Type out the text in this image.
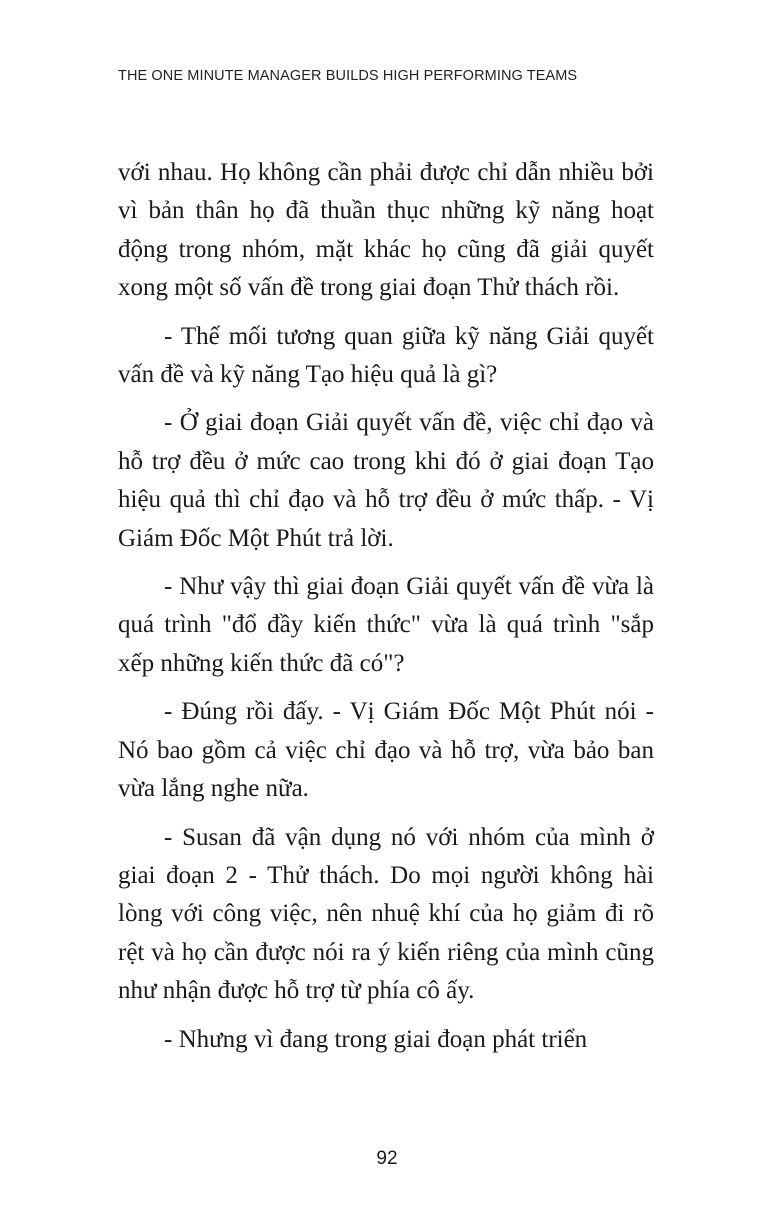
THE ONE MINUTE MANAGER BUILDS HIGH PERFORMING TEAMS

với nhau. Họ không cần phải được chỉ dẫn nhiều bởi vì bản thân họ đã thuần thục những kỹ năng hoạt động trong nhóm, mặt khác họ cũng đã giải quyết xong một số vấn đề trong giai đoạn Thử thách rồi.

- Thế mối tương quan giữa kỹ năng Giải quyết vấn đề và kỹ năng Tạo hiệu quả là gì?

- Ở giai đoạn Giải quyết vấn đề, việc chỉ đạo và hỗ trợ đều ở mức cao trong khi đó ở giai đoạn Tạo hiệu quả thì chỉ đạo và hỗ trợ đều ở mức thấp. - Vị Giám Đốc Một Phút trả lời.

- Như vậy thì giai đoạn Giải quyết vấn đề vừa là quá trình "đổ đầy kiến thức" vừa là quá trình "sắp xếp những kiến thức đã có"?

- Đúng rồi đấy. - Vị Giám Đốc Một Phút nói - Nó bao gồm cả việc chỉ đạo và hỗ trợ, vừa bảo ban vừa lắng nghe nữa.

- Susan đã vận dụng nó với nhóm của mình ở giai đoạn 2 - Thử thách. Do mọi người không hài lòng với công việc, nên nhuệ khí của họ giảm đi rõ rệt và họ cần được nói ra ý kiến riêng của mình cũng như nhận được hỗ trợ từ phía cô ấy.

- Nhưng vì đang trong giai đoạn phát triển

92
